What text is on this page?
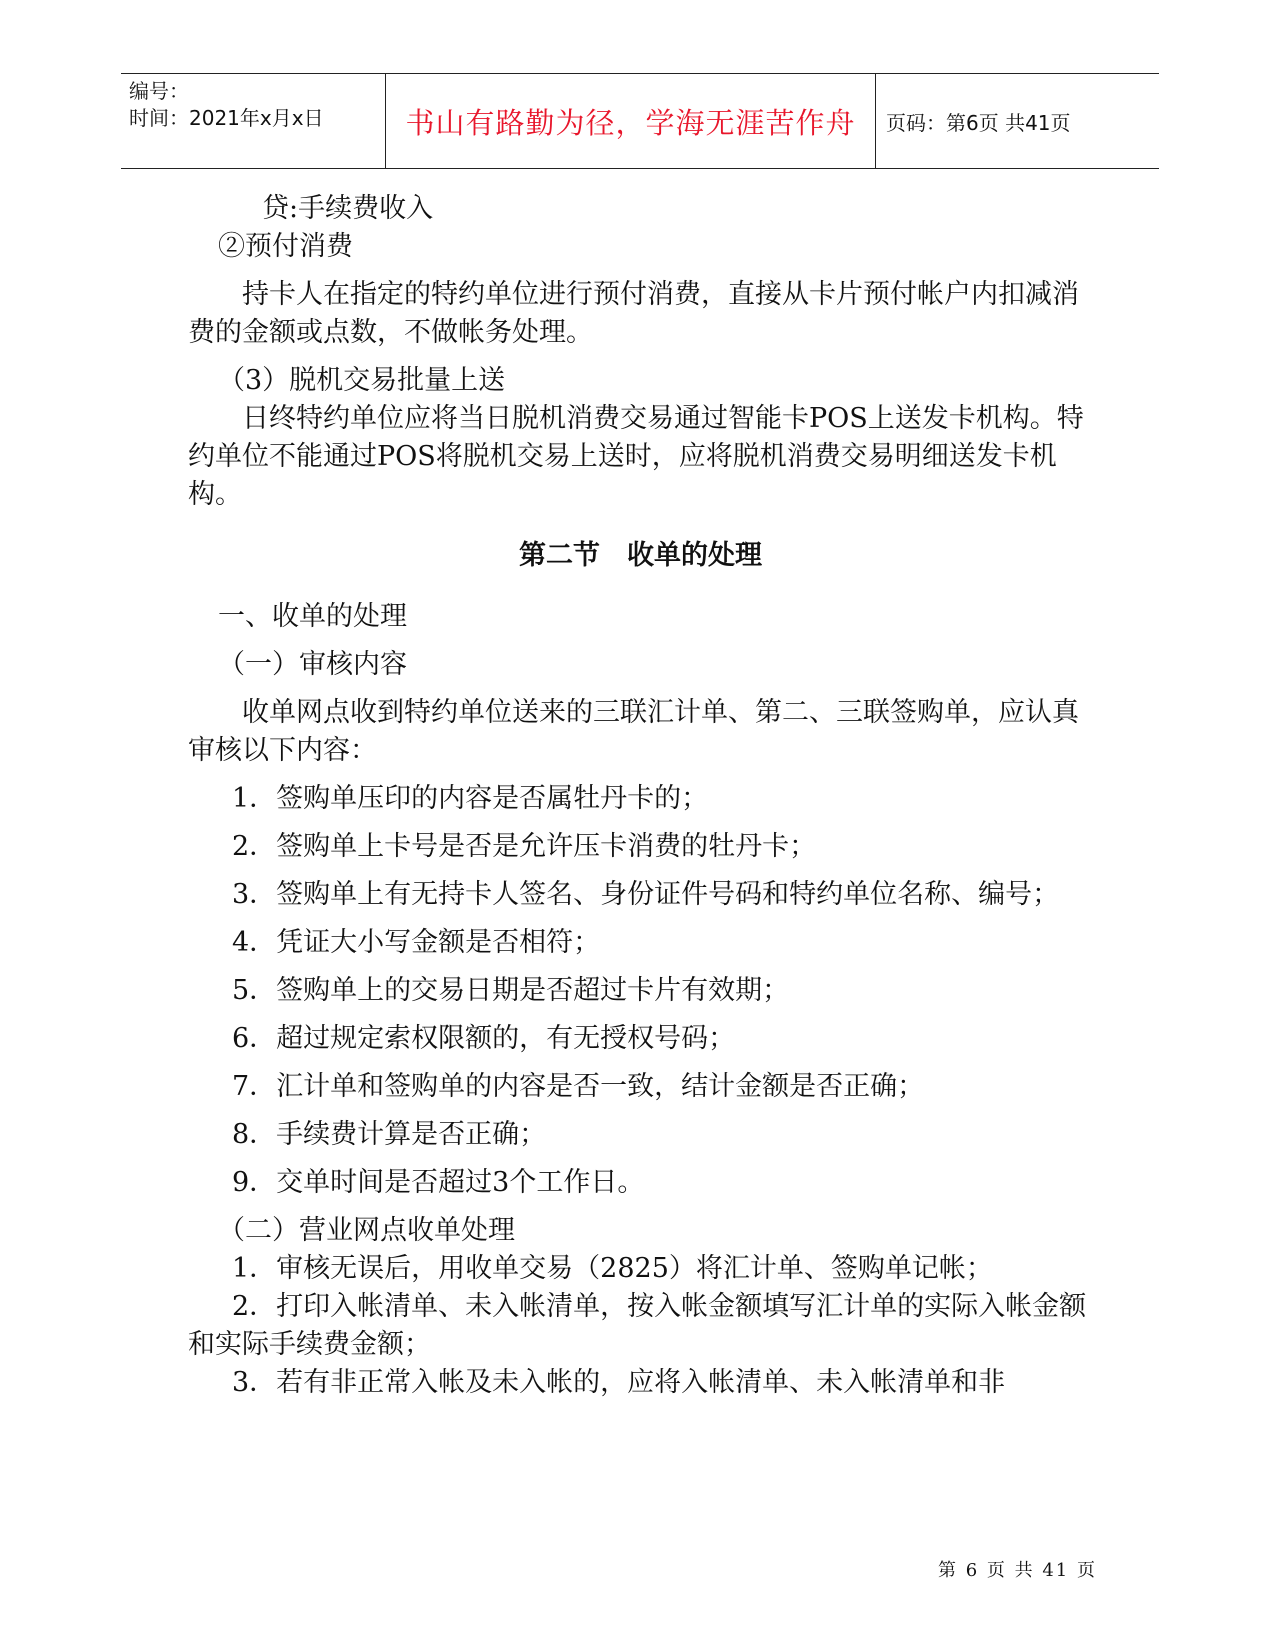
编号：
时间：2021年x月x日	书山有路勤为径，学海无涯苦作舟	页码：第6页 共41页
贷:手续费收入
②预付消费
持卡人在指定的特约单位进行预付消费，直接从卡片预付帐户内扣减消费的金额或点数，不做帐务处理。
（3）脱机交易批量上送
日终特约单位应将当日脱机消费交易通过智能卡POS上送发卡机构。特约单位不能通过POS将脱机交易上送时，应将脱机消费交易明细送发卡机构。
第二节　收单的处理
一、收单的处理
（一）审核内容
收单网点收到特约单位送来的三联汇计单、第二、三联签购单，应认真审核以下内容：
1．签购单压印的内容是否属牡丹卡的；
2．签购单上卡号是否是允许压卡消费的牡丹卡；
3．签购单上有无持卡人签名、身份证件号码和特约单位名称、编号；
4．凭证大小写金额是否相符；
5．签购单上的交易日期是否超过卡片有效期；
6．超过规定索权限额的，有无授权号码；
7．汇计单和签购单的内容是否一致，结计金额是否正确；
8．手续费计算是否正确；
9．交单时间是否超过3个工作日。
（二）营业网点收单处理
1．审核无误后，用收单交易（2825）将汇计单、签购单记帐；
2．打印入帐清单、未入帐清单，按入帐金额填写汇计单的实际入帐金额和实际手续费金额；
3．若有非正常入帐及未入帐的，应将入帐清单、未入帐清单和非
第 6 页 共 41 页
